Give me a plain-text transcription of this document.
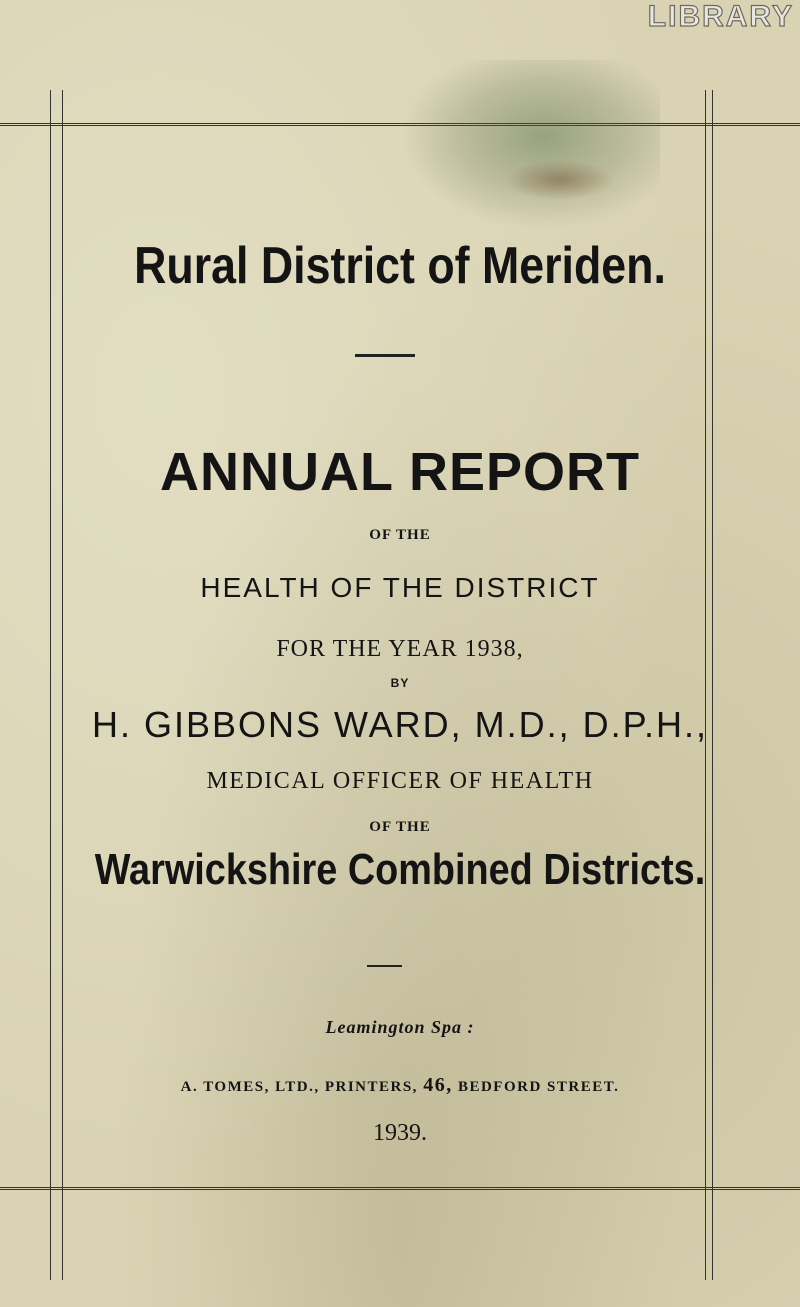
LIBRARY
Rural District of Meriden.
ANNUAL REPORT
OF THE
HEALTH OF THE DISTRICT
FOR THE YEAR 1938,
BY
H. GIBBONS WARD, M.D., D.P.H.,
MEDICAL OFFICER OF HEALTH
OF THE
Warwickshire Combined Districts.
Leamington Spa :
A. TOMES, LTD., PRINTERS, 46, BEDFORD STREET.
1939.
